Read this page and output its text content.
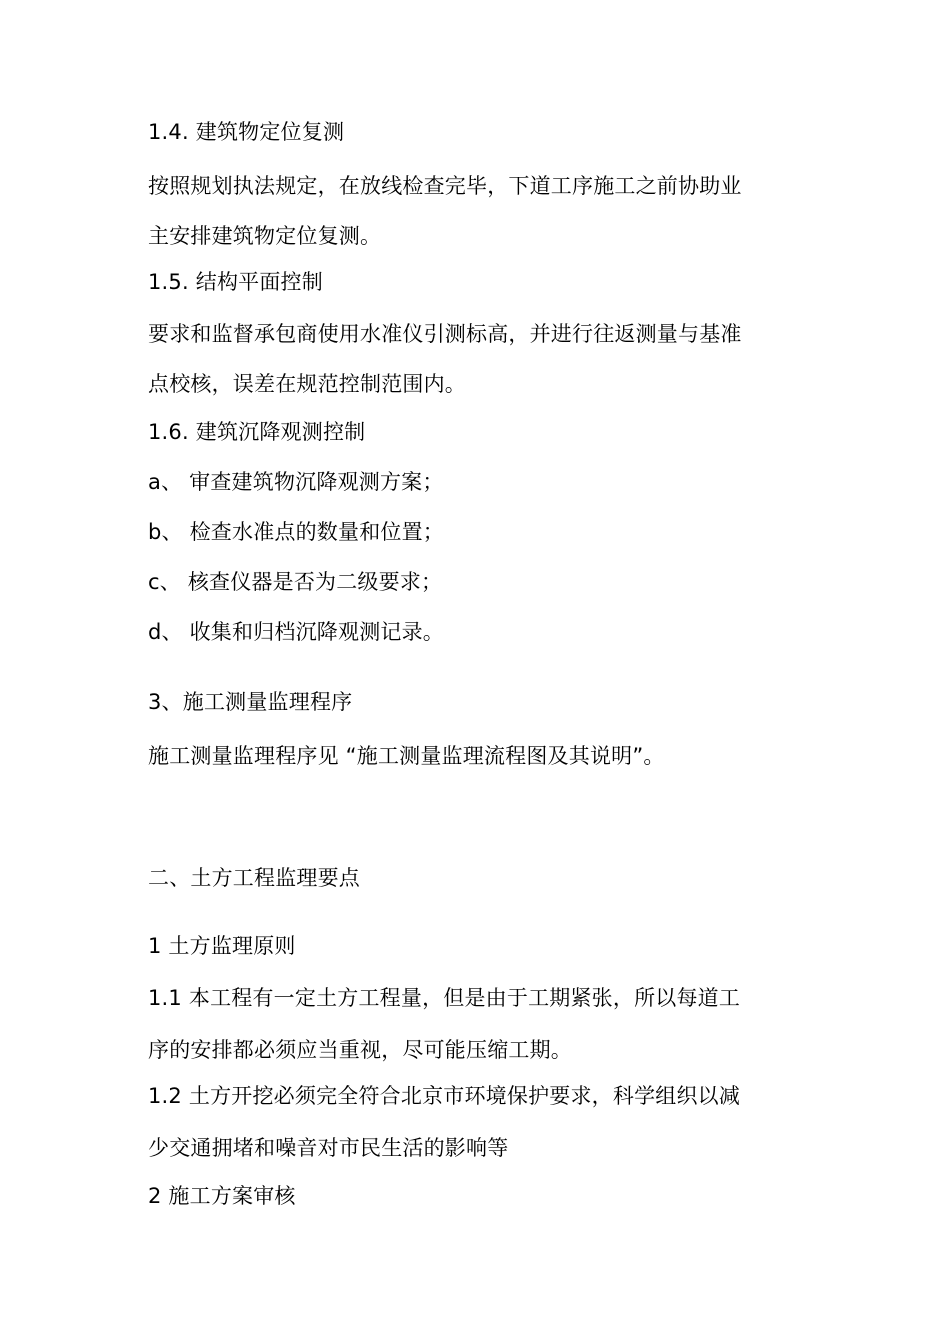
1.4. 建筑物定位复测
按照规划执法规定，在放线检查完毕，下道工序施工之前协助业
主安排建筑物定位复测。
1.5. 结构平面控制
要求和监督承包商使用水准仪引测标高，并进行往返测量与基准
点校核，误差在规范控制范围内。
1.6. 建筑沉降观测控制
a、 审查建筑物沉降观测方案；
b、 检查水准点的数量和位置；
c、 核查仪器是否为二级要求；
d、 收集和归档沉降观测记录。
3、施工测量监理程序
施工测量监理程序见 “施工测量监理流程图及其说明”。
二、土方工程监理要点
1 土方监理原则
1.1 本工程有一定土方工程量，但是由于工期紧张，所以每道工
序的安排都必须应当重视，尽可能压缩工期。
1.2 土方开挖必须完全符合北京市环境保护要求，科学组织以减
少交通拥堵和噪音对市民生活的影响等
2 施工方案审核
